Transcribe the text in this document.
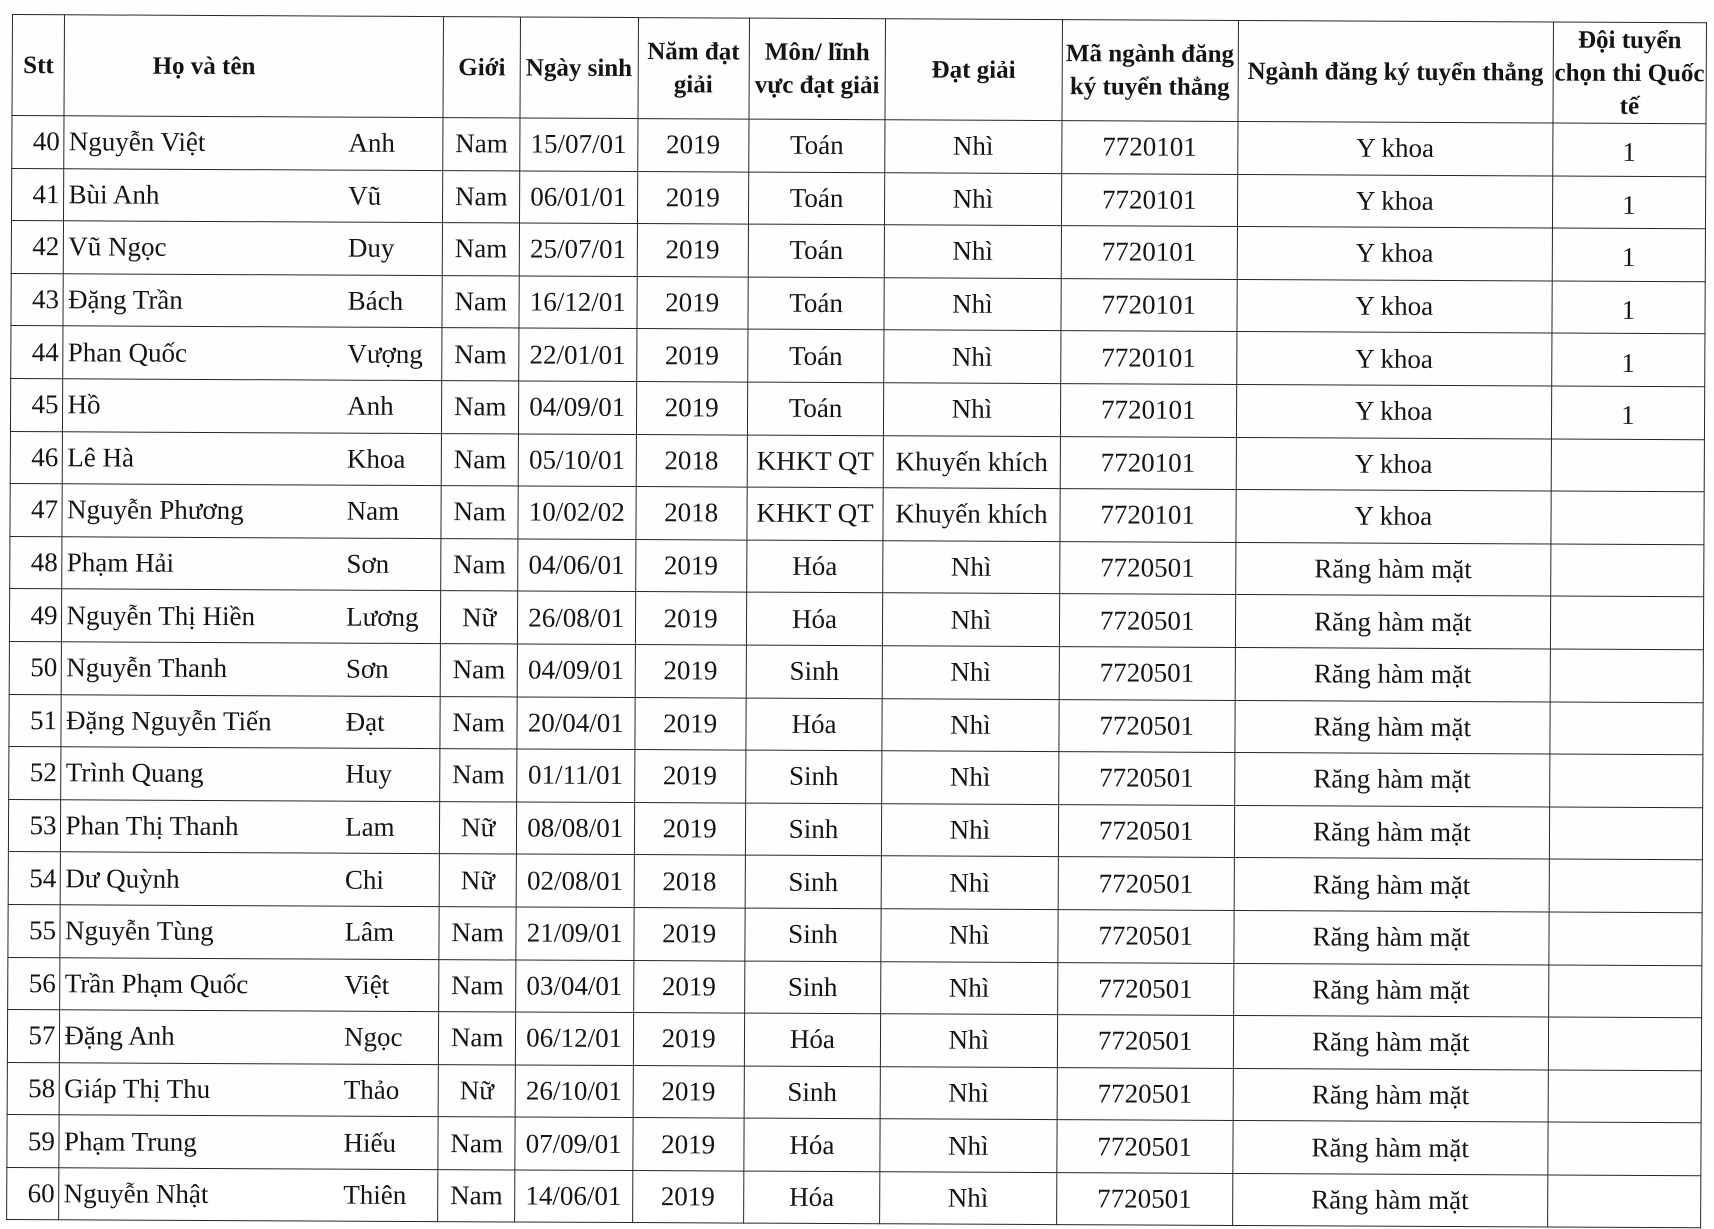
Stt	Họ và tên		Giới	Ngày sinh	Năm đạt giải	Môn/ lĩnh vực đạt giải	Đạt giải	Mã ngành đăng ký tuyển thẳng	Ngành đăng ký tuyển thẳng	Đội tuyển chọn thi Quốc tế
40	Nguyễn Việt	Anh	Nam	15/07/01	2019	Toán	Nhì	7720101	Y khoa	1
41	Bùi Anh	Vũ	Nam	06/01/01	2019	Toán	Nhì	7720101	Y khoa	1
42	Vũ Ngọc	Duy	Nam	25/07/01	2019	Toán	Nhì	7720101	Y khoa	1
43	Đặng Trần	Bách	Nam	16/12/01	2019	Toán	Nhì	7720101	Y khoa	1
44	Phan Quốc	Vượng	Nam	22/01/01	2019	Toán	Nhì	7720101	Y khoa	1
45	Hồ	Anh	Nam	04/09/01	2019	Toán	Nhì	7720101	Y khoa	1
46	Lê Hà	Khoa	Nam	05/10/01	2018	KHKT QT	Khuyến khích	7720101	Y khoa	
47	Nguyễn Phương	Nam	Nam	10/02/02	2018	KHKT QT	Khuyến khích	7720101	Y khoa	
48	Phạm Hải	Sơn	Nam	04/06/01	2019	Hóa	Nhì	7720501	Răng hàm mặt	
49	Nguyễn Thị Hiền	Lương	Nữ	26/08/01	2019	Hóa	Nhì	7720501	Răng hàm mặt	
50	Nguyễn Thanh	Sơn	Nam	04/09/01	2019	Sinh	Nhì	7720501	Răng hàm mặt	
51	Đặng Nguyễn Tiến	Đạt	Nam	20/04/01	2019	Hóa	Nhì	7720501	Răng hàm mặt	
52	Trình Quang	Huy	Nam	01/11/01	2019	Sinh	Nhì	7720501	Răng hàm mặt	
53	Phan Thị Thanh	Lam	Nữ	08/08/01	2019	Sinh	Nhì	7720501	Răng hàm mặt	
54	Dư Quỳnh	Chi	Nữ	02/08/01	2018	Sinh	Nhì	7720501	Răng hàm mặt	
55	Nguyễn Tùng	Lâm	Nam	21/09/01	2019	Sinh	Nhì	7720501	Răng hàm mặt	
56	Trần Phạm Quốc	Việt	Nam	03/04/01	2019	Sinh	Nhì	7720501	Răng hàm mặt	
57	Đặng Anh	Ngọc	Nam	06/12/01	2019	Hóa	Nhì	7720501	Răng hàm mặt	
58	Giáp Thị Thu	Thảo	Nữ	26/10/01	2019	Sinh	Nhì	7720501	Răng hàm mặt	
59	Phạm Trung	Hiếu	Nam	07/09/01	2019	Hóa	Nhì	7720501	Răng hàm mặt	
60	Nguyễn Nhật	Thiên	Nam	14/06/01	2019	Hóa	Nhì	7720501	Răng hàm mặt	
